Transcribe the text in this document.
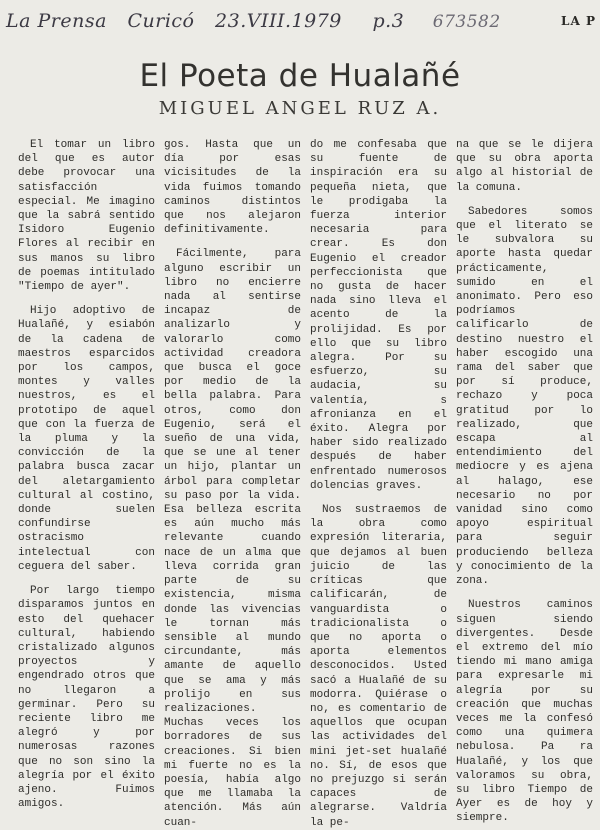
La Prensa Curicó 23.VIII.1979 p.3 673582	LA P
El Poeta de Hualañé
MIGUEL ANGEL RUZ A.

El tomar un libro del que es autor debe provocar una satisfacción especial. Me imagino que la sabrá sentido Isidoro Eugenio Flores al recibir en sus manos su libro de poemas intitulado "Tiempo de ayer".

Hijo adoptivo de Hualañé, y esiabón de la cadena de maestros esparcidos por los campos, montes y valles nuestros, es el prototipo de aquel que con la fuerza de la pluma y la convicción de la palabra busca zacar del aletargamiento cultural al costino, donde suelen confundirse ostracismo intelectual con ceguera del saber.

Por largo tiempo disparamos juntos en esto del quehacer cultural, habiendo cristalizado algunos proyectos y engendrado otros que no llegaron a germinar. Pero su reciente libro me alegró y por numerosas razones que no son sino la alegría por el éxito ajeno. Fuimos amigos.

gos. Hasta que un día por esas vicisitudes de la vida fuimos tomando caminos distintos que nos alejaron definitivamente.

Fácilmente, para alguno escribir un libro no encierre nada al sentirse incapaz de analizarlo y valorarlo como actividad creadora que busca el goce por medio de la bella palabra. Para otros, como don Eugenio, será el sueño de una vida, que se une al tener un hijo, plantar un árbol para completar su paso por la vida. Esa belleza escrita es aún mucho más relevante cuando nace de un alma que lleva corrida gran parte de su existencia, misma donde las vivencias le tornan más sensible al mundo circundante, más amante de aquello que se ama y más prolijo en sus realizaciones. Muchas veces los borradores de sus creaciones. Si bien mi fuerte no es la poesía, había algo que me llamaba la atención. Más aún cuan-

do me confesaba que su fuente de inspiración era su pequeña nieta, que le prodigaba la fuerza interior necesaria para crear. Es don Eugenio el creador perfeccionista que no gusta de hacer nada sino lleva el acento de la prolijidad. Es por ello que su libro alegra. Por su esfuerzo, su audacia, su valentía, s afronianza en el éxito. Alegra por haber sido realizado después de haber enfrentado numerosos dolencias graves.

Nos sustraemos de la obra como expresión literaria, que dejamos al buen juicio de las críticas que calificarán, de vanguardista o tradicionalista o que no aporta o aporta elementos desconocidos. Usted sacó a Hualañé de su modorra. Quiérase o no, es comentario de aquellos que ocupan las actividades del mini jet-set hualañé no. Sí, de esos que no prejuzgo si serán capaces de alegrarse. Valdría la pe-

na que se le dijera que su obra aporta algo al historial de la comuna.

Sabedores somos que el literato se le subvalora su aporte hasta quedar prácticamente, sumido en el anonimato. Pero eso podríamos calificarlo de destino nuestro el haber escogido una rama del saber que por sí produce, rechazo y poca gratitud por lo realizado, que escapa al entendimiento del mediocre y es ajena al halago, ese necesario no por vanidad sino como apoyo espiritual para seguir produciendo belleza y conocimiento de la zona.

Nuestros caminos siguen siendo divergentes. Desde el extremo del mío tiendo mi mano amiga para expresarle mi alegría por su creación que muchas veces me la confesó como una quimera nebulosa. Pa ra Hualañé, y los que valoramos su obra, su libro Tiempo de Ayer es de hoy y siempre.
